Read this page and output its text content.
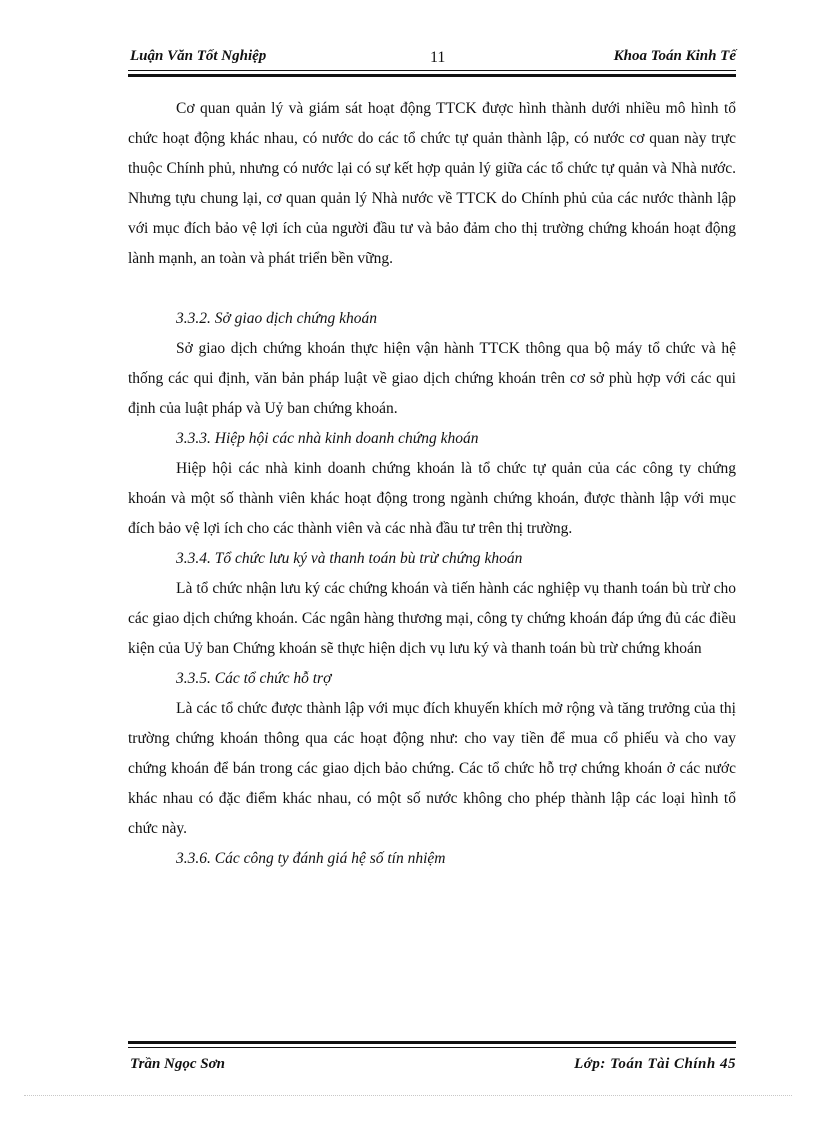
Luận Văn Tốt Nghiệp	11	Khoa Toán Kinh Tế

Cơ quan quản lý và giám sát hoạt động TTCK được hình thành dưới nhiều mô hình tổ chức hoạt động khác nhau, có nước do các tổ chức tự quản thành lập, có nước cơ quan này trực thuộc Chính phủ, nhưng có nước lại có sự kết hợp quản lý giữa các tổ chức tự quản và Nhà nước. Nhưng tựu chung lại, cơ quan quản lý Nhà nước về TTCK do Chính phủ của các nước thành lập với mục đích bảo vệ lợi ích của người đầu tư và bảo đảm cho thị trường chứng khoán hoạt động lành mạnh, an toàn và phát triển bền vững.

3.3.2. Sở giao dịch chứng khoán

Sở giao dịch chứng khoán thực hiện vận hành TTCK thông qua bộ máy tổ chức và hệ thống các qui định, văn bản pháp luật về giao dịch chứng khoán trên cơ sở phù hợp với các qui định của luật pháp và Uỷ ban chứng khoán.

3.3.3. Hiệp hội các nhà kinh doanh chứng khoán

Hiệp hội các nhà kinh doanh chứng khoán là tổ chức tự quản của các công ty chứng khoán và một số thành viên khác hoạt động trong ngành chứng khoán, được thành lập với mục đích bảo vệ lợi ích cho các thành viên và các nhà đầu tư trên thị trường.

3.3.4. Tổ chức lưu ký và thanh toán bù trừ chứng khoán

Là tổ chức nhận lưu ký các chứng khoán và tiến hành các nghiệp vụ thanh toán bù trừ cho các giao dịch chứng khoán. Các ngân hàng thương mại, công ty chứng khoán đáp ứng đủ các điều kiện của Uỷ ban Chứng khoán sẽ thực hiện dịch vụ lưu ký và thanh toán bù trừ chứng khoán

3.3.5. Các tổ chức hỗ trợ

Là các tổ chức được thành lập với mục đích khuyến khích mở rộng và tăng trưởng của thị trường chứng khoán thông qua các hoạt động như: cho vay tiền để mua cổ phiếu và cho vay chứng khoán để bán trong các giao dịch bảo chứng. Các tổ chức hỗ trợ chứng khoán ở các nước khác nhau có đặc điểm khác nhau, có một số nước không cho phép thành lập các loại hình tổ chức này.

3.3.6. Các công ty đánh giá hệ số tín nhiệm

Trần Ngọc Sơn	Lớp: Toán Tài Chính 45
